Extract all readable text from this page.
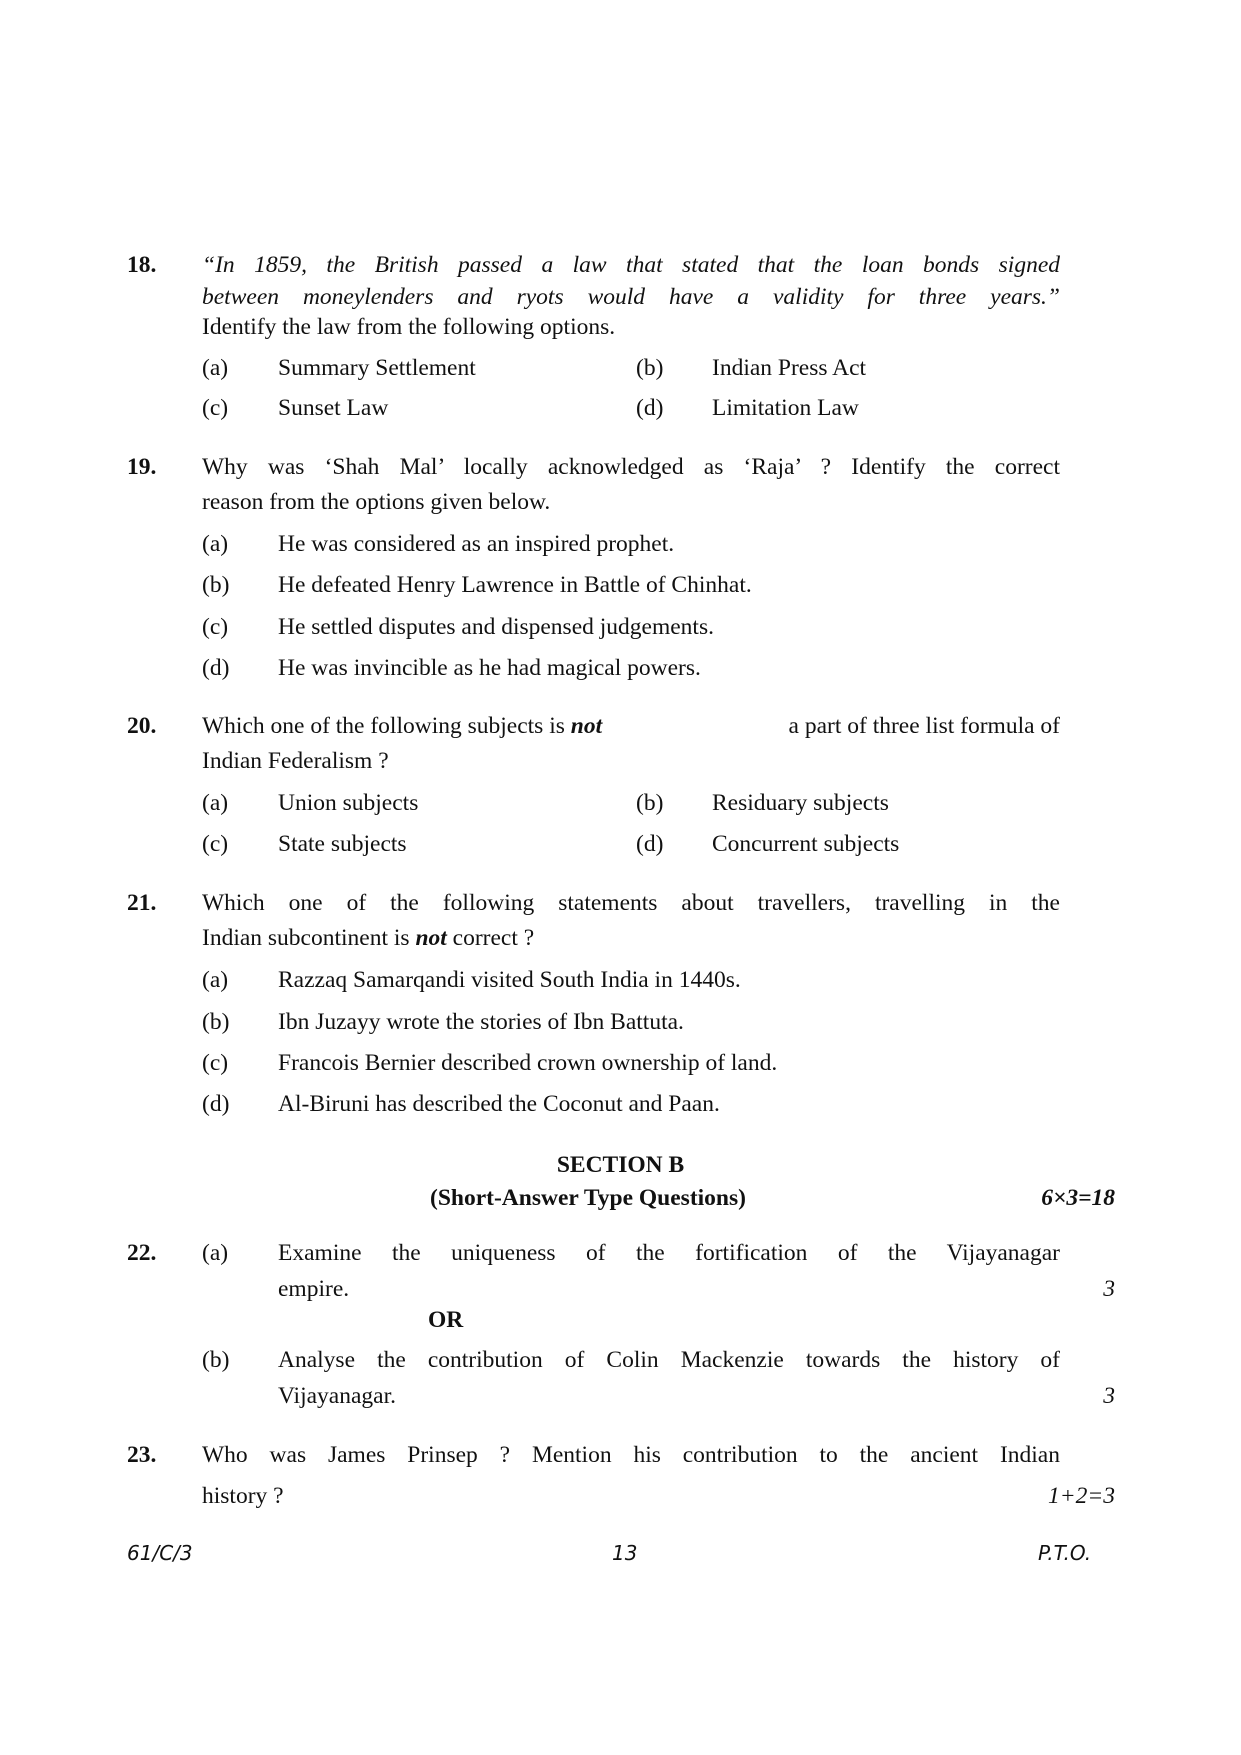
18. “In 1859, the British passed a law that stated that the loan bonds signed
between moneylenders and ryots would have a validity for three years.”
Identify the law from the following options.
(a) Summary Settlement	(b) Indian Press Act
(c) Sunset Law	(d) Limitation Law
19. Why was ‘Shah Mal’ locally acknowledged as ‘Raja’ ? Identify the correct
reason from the options given below.
(a) He was considered as an inspired prophet.
(b) He defeated Henry Lawrence in Battle of Chinhat.
(c) He settled disputes and dispensed judgements.
(d) He was invincible as he had magical powers.
20. Which one of the following subjects is not	a part of three list formula of
Indian Federalism ?
(a) Union subjects	(b) Residuary subjects
(c) State subjects	(d) Concurrent subjects
21. Which one of the following statements about travellers, travelling in the
Indian subcontinent is not correct ?
(a) Razzaq Samarqandi visited South India in 1440s.
(b) Ibn Juzayy wrote the stories of Ibn Battuta.
(c) Francois Bernier described crown ownership of land.
(d) Al-Biruni has described the Coconut and Paan.
SECTION B
(Short-Answer Type Questions)	6×3=18
22. (a) Examine the uniqueness of the fortification of the Vijayanagar
empire.	3
OR
(b) Analyse the contribution of Colin Mackenzie towards the history of
Vijayanagar.	3
23. Who was James Prinsep ? Mention his contribution to the ancient Indian
history ?	1+2=3
61/C/3	13	P.T.O.
